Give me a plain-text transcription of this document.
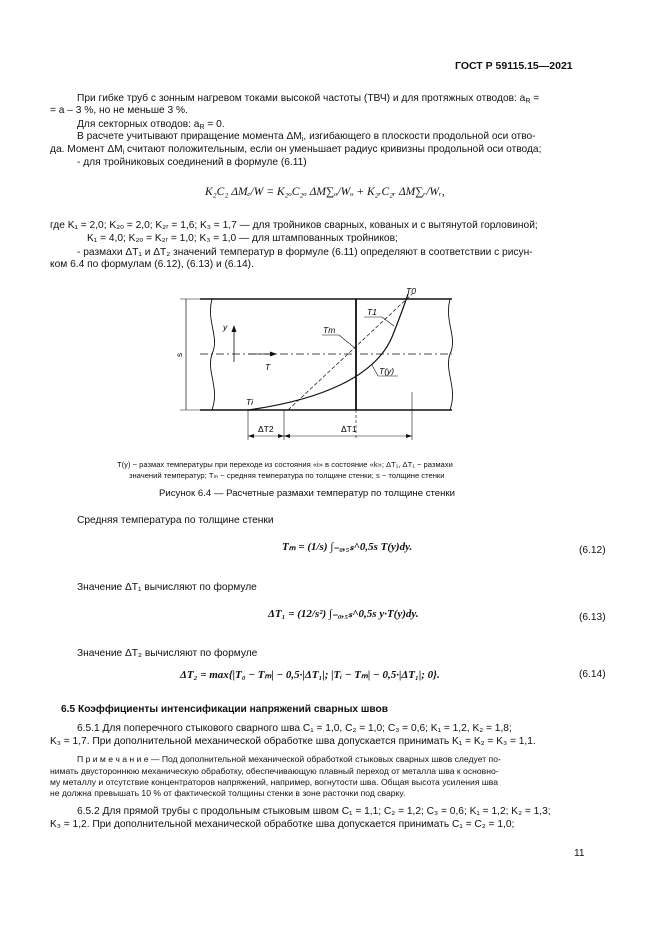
ГОСТ Р 59115.15—2021
При гибке труб с зонным нагревом токами высокой частоты (ТВЧ) и для протяжных отводов: $a_R$ =
= a – 3 %, но не меньше 3 %.
Для секторных отводов: $a_R = 0$.
В расчете учитывают приращение момента $\Delta M_i$, изгибающего в плоскости продольной оси отво-
да. Момент $\Delta M_i$ считают положительным, если он уменьшает радиус кривизны продольной оси отвода;
- для тройниковых соединений в формуле (6.11)
K₂C₂ ΔMₑ/W = K₂ₒC₂ₒ ΔM∑ₒ/Wₒ + K₂ᵣC₂ᵣ ΔM∑ᵣ/Wᵣ,
где K₁ = 2,0; K₂ₒ = 2,0; K₂ᵣ = 1,6; K₃ = 1,7 — для тройников сварных, кованых и с вытянутой горловиной;
K₁ = 4,0; K₂ₒ = K₂ᵣ = 1,0; K₃ = 1,0 — для штампованных тройников;
- размахи ΔT₁ и ΔT₂ значений температур в формуле (6.11) определяют в соответствии с рисун-
ком 6.4 по формулам (6.12), (6.13) и (6.14).
s
y
T
Tm
T1
T0
T(y)
Ti
ΔT2	ΔT1
T(y) − размах температуры при переходе из состояния «i» в состояние «k»; ΔT₁, ΔT₁ − размахи
значений температур; Tₘ − средняя температура по толщине стенки; s − толщине стенки
Рисунок 6.4 — Расчетные размахи температур по толщине стенки
Средняя температура по толщине стенки
Tₘ = (1/s) ∫₋₀,₅ₛ^0,5s T(y)dy.	(6.12)
Значение ΔT₁ вычисляют по формуле
ΔT₁ = (12/s²) ∫₋₀,₅ₛ^0,5s y·T(y)dy.	(6.13)
Значение ΔT₂ вычисляют по формуле
ΔT₂ = max{|T₀ − Tₘ| − 0,5·|ΔT₁|; |Tᵢ − Tₘ| − 0,5·|ΔT₁|; 0}.	(6.14)
6.5 Коэффициенты интенсификации напряжений сварных швов
6.5.1 Для поперечного стыкового сварного шва C₁ = 1,0, C₂ = 1,0; C₃ = 0,6; K₁ = 1,2, K₂ = 1,8;
K₃ = 1,7. При дополнительной механической обработке шва допускается принимать K₁ = K₂ = K₃ = 1,1.
П р и м е ч а н и е — Под дополнительной механической обработкой стыковых сварных швов следует по-
нимать двустороннюю механическую обработку, обеспечивающую плавный переход от металла шва к основно-
му металлу и отсутствие концентраторов напряжений, например, вогнутости шва. Общая высота усиления шва
не должна превышать 10 % от фактической толщины стенки в зоне расточки под сварку.
6.5.2 Для прямой трубы с продольным стыковым швом C₁ = 1,1; C₂ = 1,2; C₃ = 0,6; K₁ = 1,2; K₂ = 1,3;
K₃ = 1,2. При дополнительной механической обработке шва допускается принимать C₁ = C₂ = 1,0;
11
